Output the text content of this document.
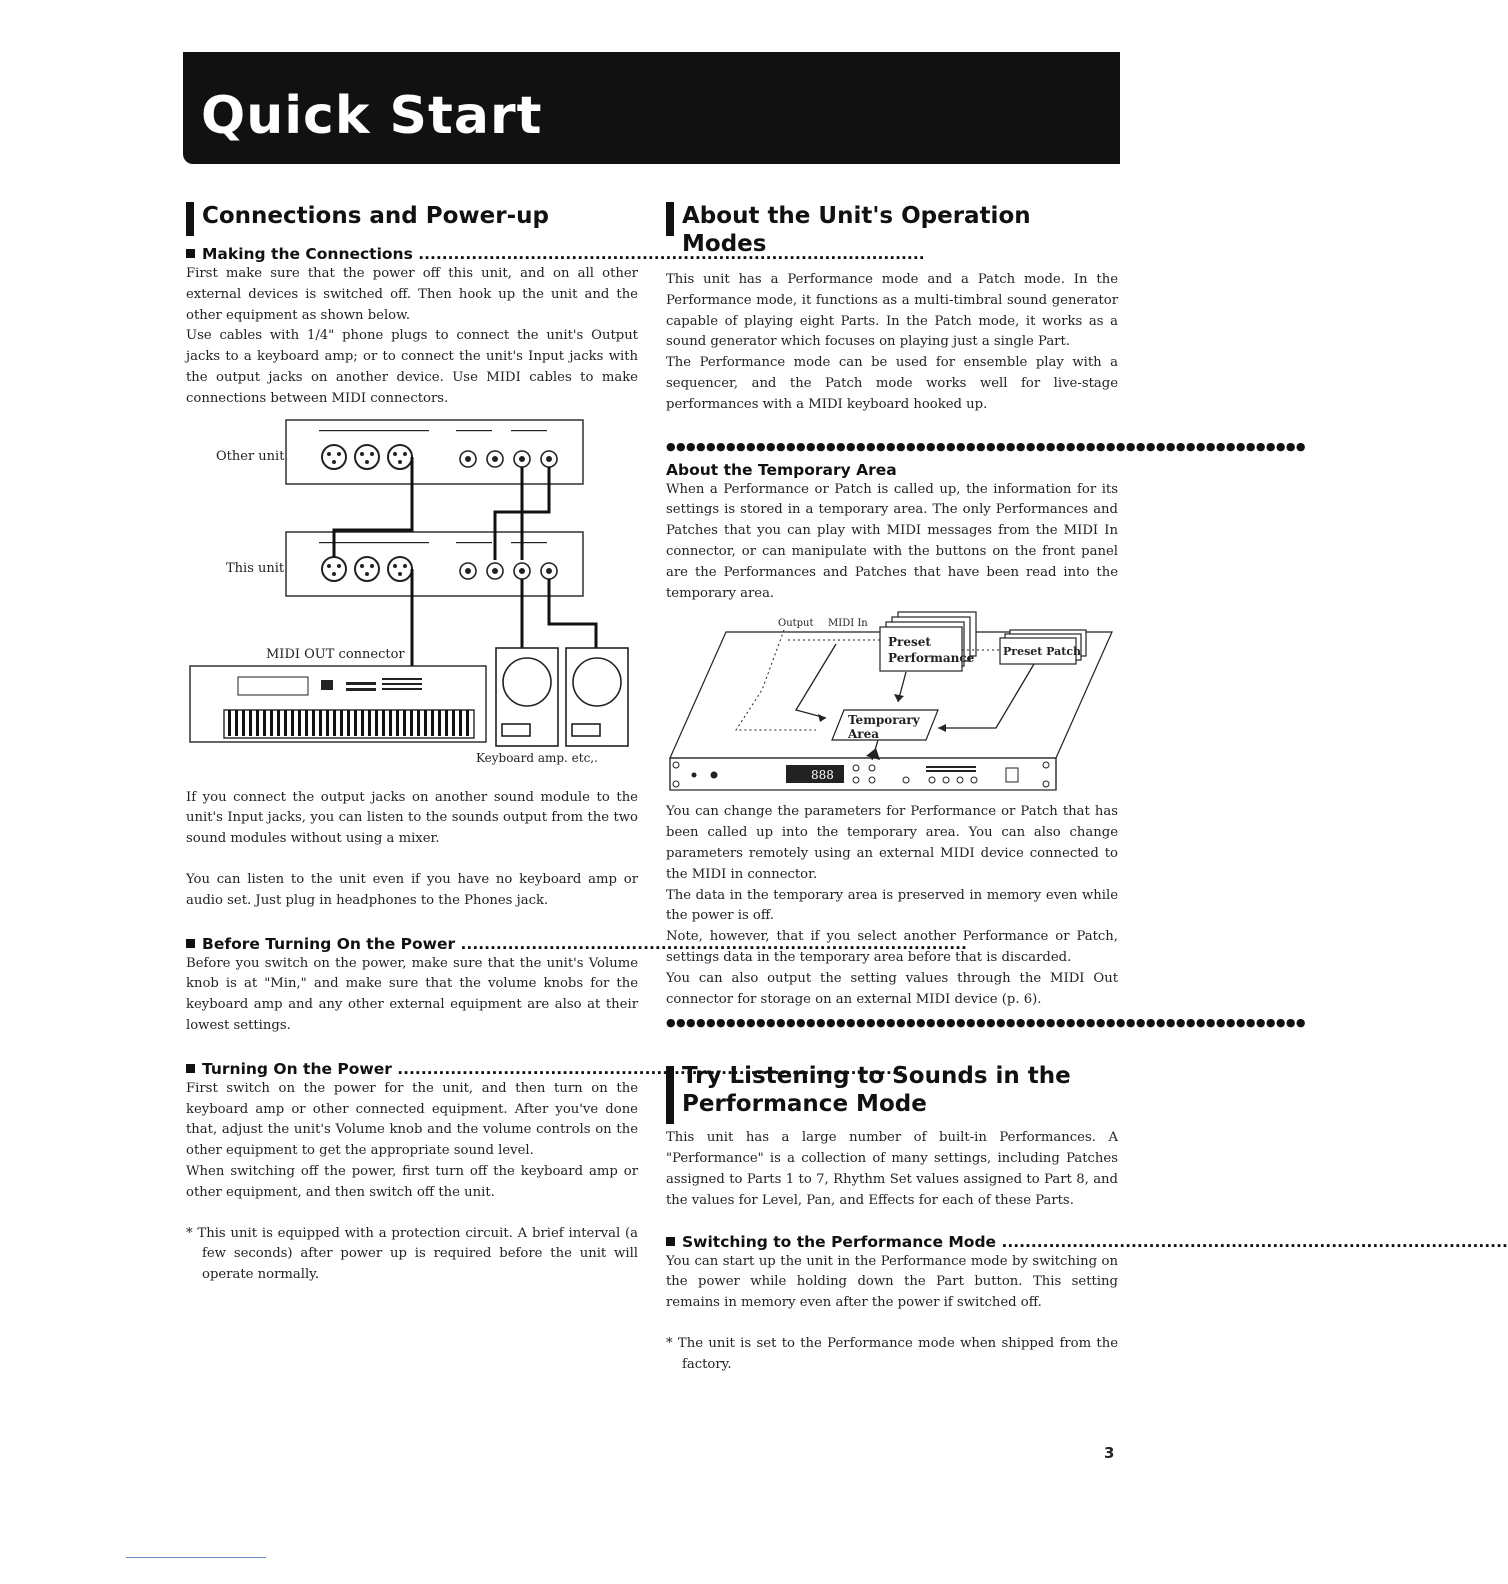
Quick Start
Connections and Power-up
Making the Connections .....

First make sure that the power off this unit, and on all other external devices is switched off. Then hook up the unit and the other equipment as shown below.

Use cables with 1/4" phone plugs to connect the unit's Output jacks to a keyboard amp; or to connect the unit's Input jacks with the output jacks on another device. Use MIDI cables to make connections between MIDI connectors.

Other unit
This unit
MIDI OUT connector
Keyboard amp. etc,.

If you connect the output jacks on another sound module to the unit's Input jacks, you can listen to the sounds output from the two sound modules without using a mixer.

You can listen to the unit even if you have no keyboard amp or audio set. Just plug in headphones to the Phones jack.

Before Turning On the Power .....

Before you switch on the power, make sure that the unit's Volume knob is at "Min," and make sure that the volume knobs for the keyboard amp and any other external equipment are also at their lowest settings.

Turning On the Power .....

First switch on the power for the unit, and then turn on the keyboard amp or other connected equipment. After you've done that, adjust the unit's Volume knob and the volume controls on the other equipment to get the appropriate sound level.

When switching off the power, first turn off the keyboard amp or other equipment, and then switch off the unit.

* This unit is equipped with a protection circuit. A brief interval (a few seconds) after power up is required before the unit will operate normally.

About the Unit's Operation Modes

This unit has a Performance mode and a Patch mode. In the Performance mode, it functions as a multi-timbral sound generator capable of playing eight Parts. In the Patch mode, it works as a sound generator which focuses on playing just a single Part.

The Performance mode can be used for ensemble play with a sequencer, and the Patch mode works well for live-stage performances with a MIDI keyboard hooked up.

●●●●●●●●●●●●●●●●●●●●●●●●●●●●●●●●●●●●●●●●●●●●●●●●●●●●●●●●●●●●●●●●
About the Temporary Area

When a Performance or Patch is called up, the information for its settings is stored in a temporary area. The only Performances and Patches that you can play with MIDI messages from the MIDI In connector, or can manipulate with the buttons on the front panel are the Performances and Patches that have been read into the temporary area.

888
Output MIDI In
Preset
Performance	Preset Patch
Temporary
Area

You can change the parameters for Performance or Patch that has been called up into the temporary area. You can also change parameters remotely using an external MIDI device connected to the MIDI in connector.

The data in the temporary area is preserved in memory even while the power is off.

Note, however, that if you select another Performance or Patch, settings data in the temporary area before that is discarded.

You can also output the setting values through the MIDI Out connector for storage on an external MIDI device (p. 6).

●●●●●●●●●●●●●●●●●●●●●●●●●●●●●●●●●●●●●●●●●●●●●●●●●●●●●●●●●●●●●●●●
Try Listening to Sounds in the
Performance Mode

This unit has a large number of built-in Performances. A "Performance" is a collection of many settings, including Patches assigned to Parts 1 to 7, Rhythm Set values assigned to Part 8, and the values for Level, Pan, and Effects for each of these Parts.

Switching to the Performance Mode .....

You can start up the unit in the Performance mode by switching on the power while holding down the Part button. This setting remains in memory even after the power if switched off.

* The unit is set to the Performance mode when shipped from the factory.

3
